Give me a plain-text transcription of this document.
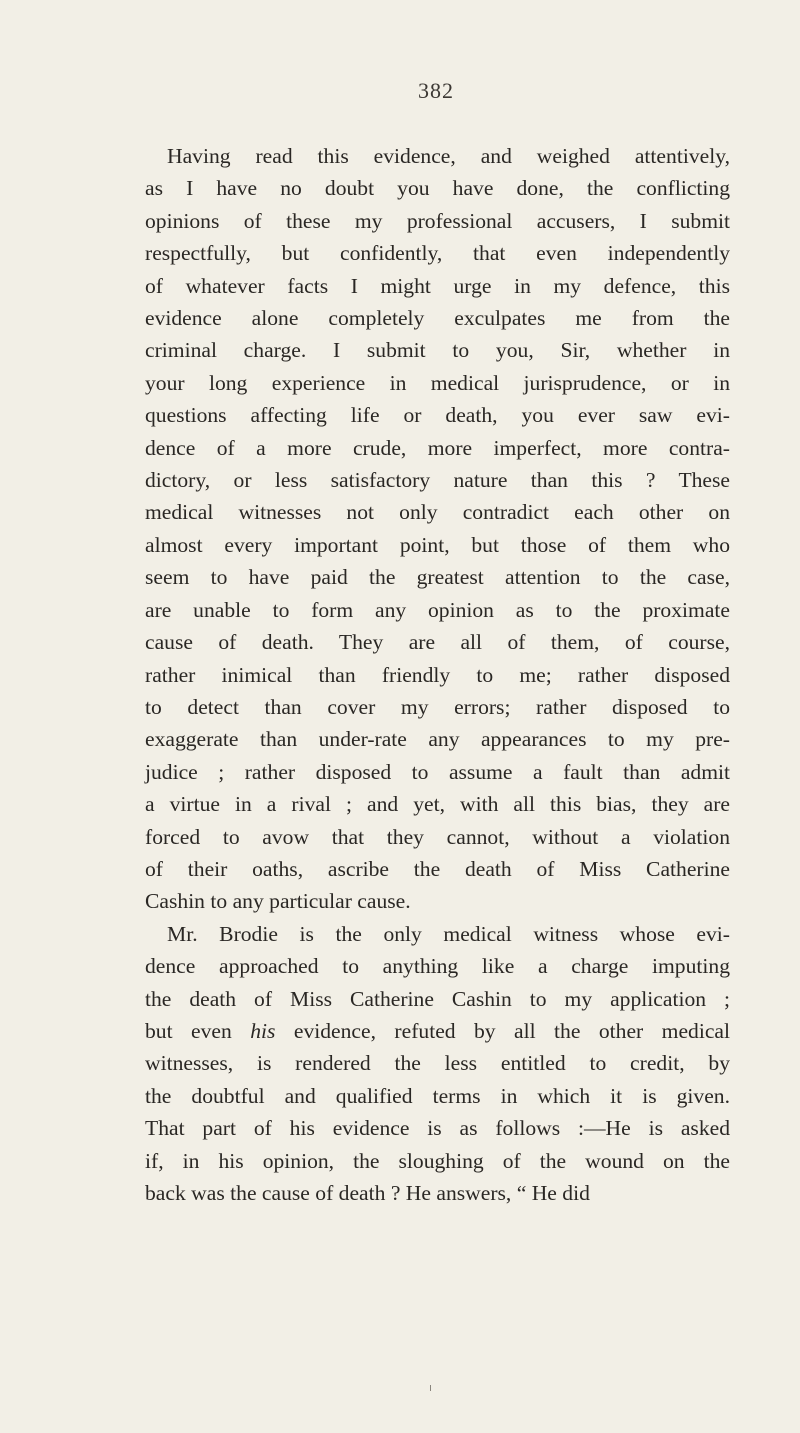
382
Having read this evidence, and weighed attentively,
as I have no doubt you have done, the conflicting
opinions of these my professional accusers, I submit
respectfully, but confidently, that even independently
of whatever facts I might urge in my defence, this
evidence alone completely exculpates me from the
criminal charge. I submit to you, Sir, whether in
your long experience in medical jurisprudence, or in
questions affecting life or death, you ever saw evi-
dence of a more crude, more imperfect, more contra-
dictory, or less satisfactory nature than this ? These
medical witnesses not only contradict each other on
almost every important point, but those of them who
seem to have paid the greatest attention to the case,
are unable to form any opinion as to the proximate
cause of death. They are all of them, of course,
rather inimical than friendly to me; rather disposed
to detect than cover my errors; rather disposed to
exaggerate than under-rate any appearances to my pre-
judice ; rather disposed to assume a fault than admit
a virtue in a rival ; and yet, with all this bias, they are
forced to avow that they cannot, without a violation
of their oaths, ascribe the death of Miss Catherine
Cashin to any particular cause.
Mr. Brodie is the only medical witness whose evi-
dence approached to anything like a charge imputing
the death of Miss Catherine Cashin to my application ;
but even his evidence, refuted by all the other medical
witnesses, is rendered the less entitled to credit, by
the doubtful and qualified terms in which it is given.
That part of his evidence is as follows :—He is asked
if, in his opinion, the sloughing of the wound on the
back was the cause of death ? He answers, “ He did
